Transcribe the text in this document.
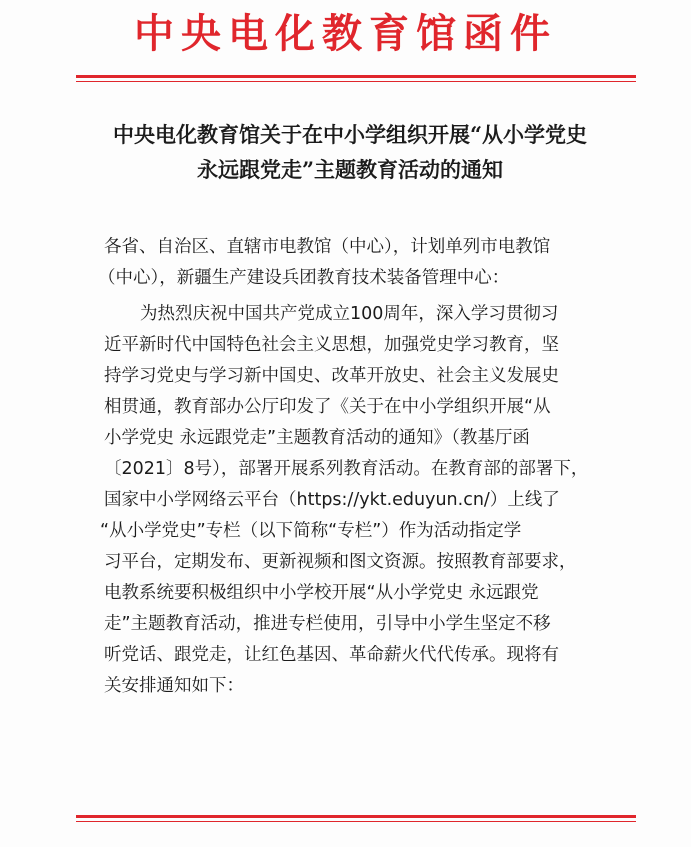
中央电化教育馆函件
中央电化教育馆关于在中小学组织开展“从小学党史
永远跟党走”主题教育活动的通知
各省、自治区、直辖市电教馆（中心），计划单列市电教馆
（中心），新疆生产建设兵团教育技术装备管理中心：
为热烈庆祝中国共产党成立100周年，深入学习贯彻习
近平新时代中国特色社会主义思想，加强党史学习教育，坚
持学习党史与学习新中国史、改革开放史、社会主义发展史
相贯通，教育部办公厅印发了《关于在中小学组织开展“从
小学党史 永远跟党走”主题教育活动的通知》（教基厅函
〔2021〕8号），部署开展系列教育活动。在教育部的部署下，
国家中小学网络云平台（https://ykt.eduyun.cn/）上线了
“从小学党史”专栏（以下简称“专栏”）作为活动指定学
习平台，定期发布、更新视频和图文资源。按照教育部要求，
电教系统要积极组织中小学校开展“从小学党史 永远跟党
走”主题教育活动，推进专栏使用，引导中小学生坚定不移
听党话、跟党走，让红色基因、革命薪火代代传承。现将有
关安排通知如下：
